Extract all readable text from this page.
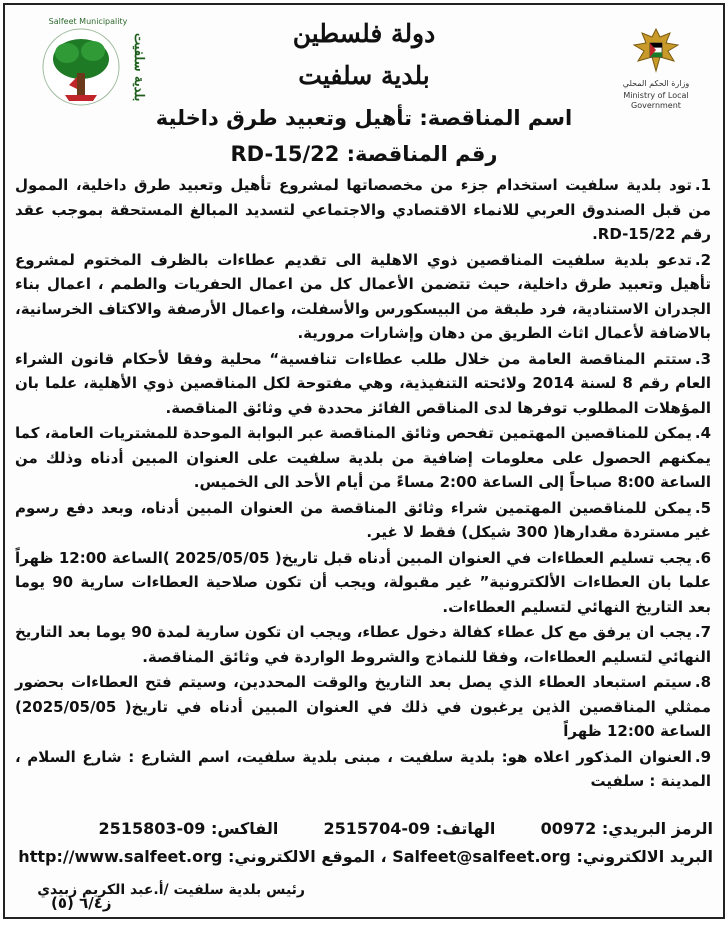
وزارة الحكم المحلي
Ministry of Local Government
Salfeet Municipality
بلدية سلفيت	دولة فلسطين
بلدية سلفيت
اسم المناقصة: تأهيل وتعبيد طرق داخلية
رقم المناقصة: 22/RD-15
1.تود بلدية سلفيت استخدام جزء من مخصصاتها لمشروع تأهيل وتعبيد طرق داخلية، الممول من قبل الصندوق العربي للانماء الاقتصادي والاجتماعي لتسديد المبالغ المستحقة بموجب عقد رقم 22/RD-15.
2.تدعو بلدية سلفيت المناقصين ذوي الاهلية الى تقديم عطاءات بالظرف المختوم لمشروع تأهيل وتعبيد طرق داخلية، حيث تتضمن الأعمال كل من اعمال الحفريات والطمم ، اعمال بناء الجدران الاستنادية، فرد طبقة من البيسكورس والأسفلت، واعمال الأرصفة والاكتاف الخرسانية، بالاضافة لأعمال اثاث الطريق من دهان وإشارات مرورية.
3.ستتم المناقصة العامة من خلال طلب عطاءات تنافسية“ محلية وفقا لأحكام قانون الشراء العام رقم 8 لسنة 2014 ولائحته التنفيذية، وهي مفتوحة لكل المناقصين ذوي الأهلية، علما بان المؤهلات المطلوب توفرها لدى المناقص الفائز محددة في وثائق المناقصة.
4.يمكن للمناقصين المهتمين تفحص وثائق المناقصة عبر البوابة الموحدة للمشتريات العامة، كما يمكنهم الحصول على معلومات إضافية من بلدية سلفيت على العنوان المبين أدناه وذلك من الساعة 8:00 صباحاً إلى الساعة 2:00 مساءً من أيام الأحد الى الخميس.
5.يمكن للمناقصين المهتمين شراء وثائق المناقصة من العنوان المبين أدناه، وبعد دفع رسوم غير مستردة مقدارها( 300 شيكل) فقط لا غير.
6.يجب تسليم العطاءات في العنوان المبين أدناه قبل تاريخ( 2025/05/05 )الساعة 12:00 ظهراً علما بان العطاءات الألكترونية” غير مقبولة، ويجب أن تكون صلاحية العطاءات سارية 90 يوما بعد التاريخ النهائي لتسليم العطاءات.
7.يجب ان يرفق مع كل عطاء كفالة دخول عطاء، ويجب ان تكون سارية لمدة 90 يوما بعد التاريخ النهائي لتسليم العطاءات، وفقا للنماذج والشروط الواردة في وثائق المناقصة.
8.سيتم استبعاد العطاء الذي يصل بعد التاريخ والوقت المحددين، وسيتم فتح العطاءات بحضور ممثلي المناقصين الذين يرغبون في ذلك في العنوان المبين أدناه في تاريخ( 2025/05/05) الساعة 12:00 ظهراً
9.العنوان المذكور اعلاه هو: بلدية سلفيت ، مبنى بلدية سلفيت، اسم الشارع : شارع السلام ، المدينة : سلفيت
الرمز البريدي: 00972  الهاتف: 09-2515704  الفاكس: 09-2515803
البريد الالكتروني: Salfeet@salfeet.org ، الموقع الالكتروني: http://www.salfeet.org
رئيس بلدية سلفيت /أ.عبد الكريم زبيدي
ز٦/٤ (٥)
